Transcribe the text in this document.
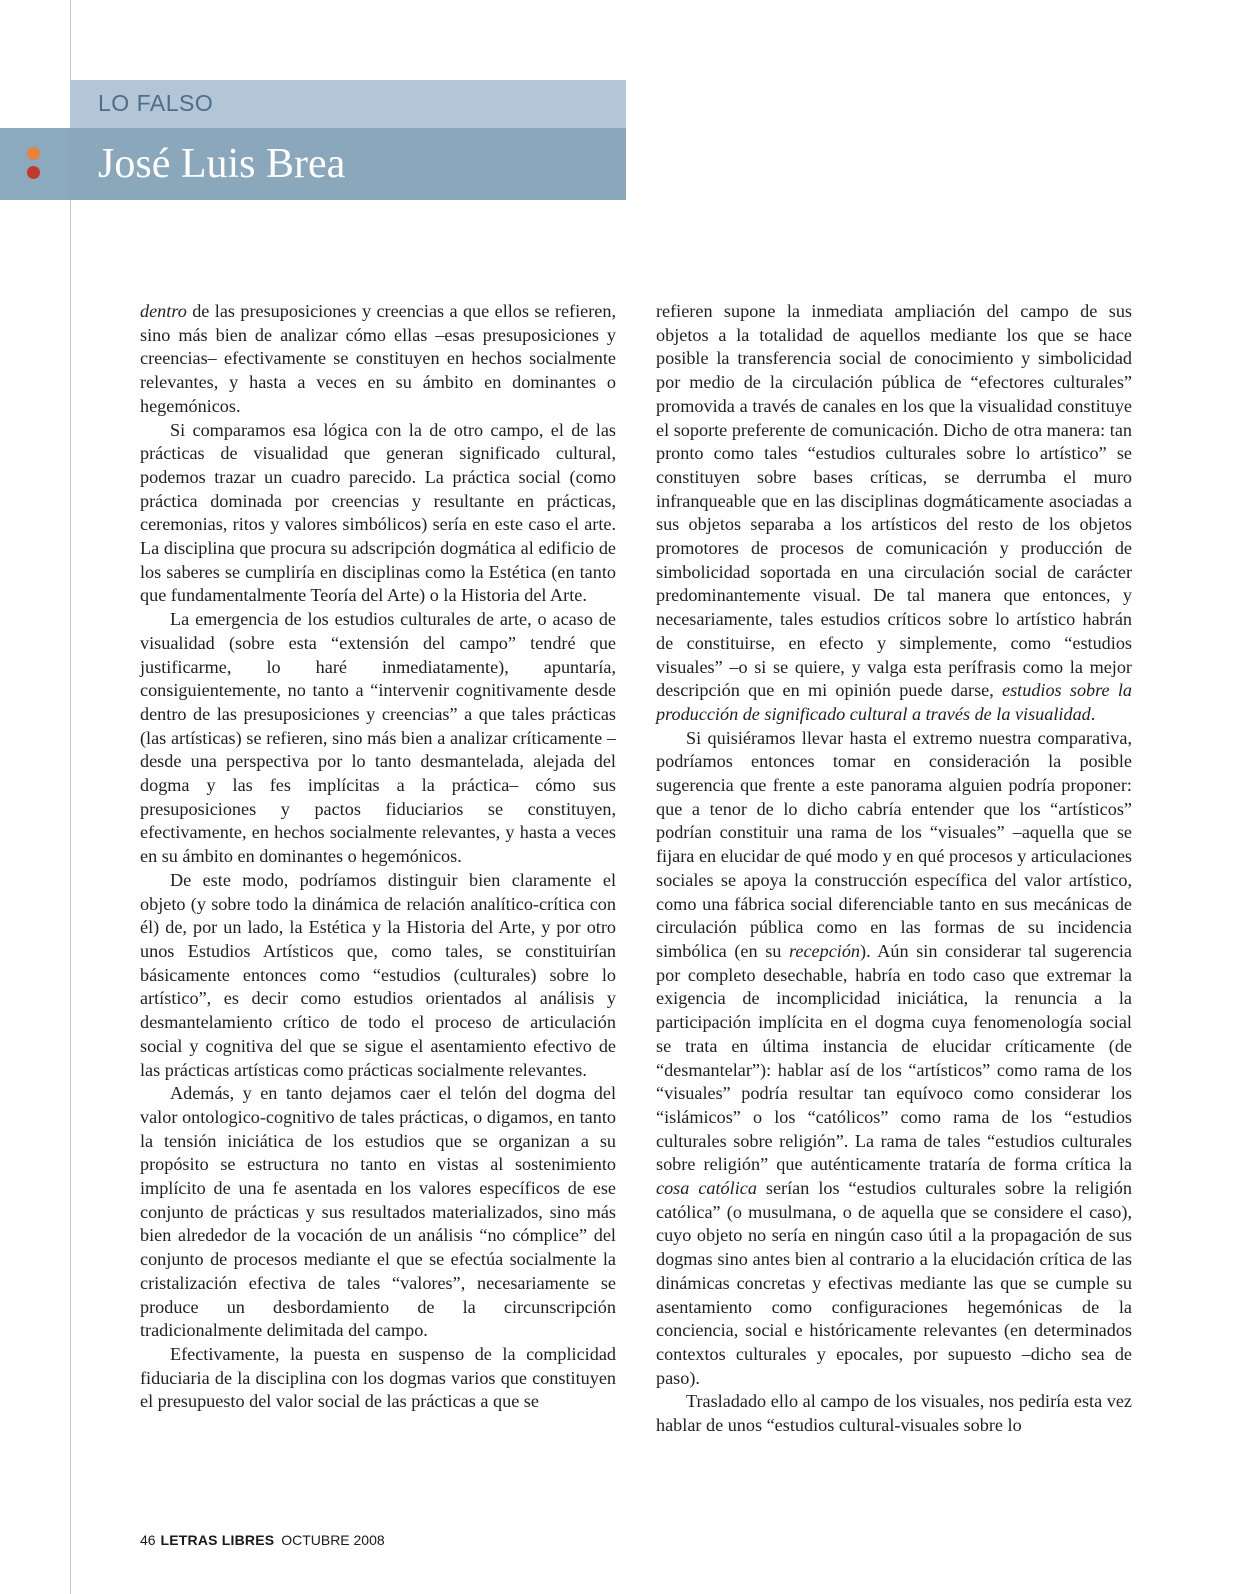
LO FALSO
José Luis Brea

dentro de las presuposiciones y creencias a que ellos se refieren, sino más bien de analizar cómo ellas –esas presuposiciones y creencias– efectivamente se constituyen en hechos socialmente relevantes, y hasta a veces en su ámbito en dominantes o hegemónicos.

Si comparamos esa lógica con la de otro campo, el de las prácticas de visualidad que generan significado cultural, podemos trazar un cuadro parecido. La práctica social (como práctica dominada por creencias y resultante en prácticas, ceremonias, ritos y valores simbólicos) sería en este caso el arte. La disciplina que procura su adscripción dogmática al edificio de los saberes se cumpliría en disciplinas como la Estética (en tanto que fundamentalmente Teoría del Arte) o la Historia del Arte.

La emergencia de los estudios culturales de arte, o acaso de visualidad (sobre esta “extensión del campo” tendré que justificarme, lo haré inmediatamente), apuntaría, consiguientemente, no tanto a “intervenir cognitivamente desde dentro de las presuposiciones y creencias” a que tales prácticas (las artísticas) se refieren, sino más bien a analizar críticamente –desde una perspectiva por lo tanto desmantelada, alejada del dogma y las fes implícitas a la práctica– cómo sus presuposiciones y pactos fiduciarios se constituyen, efectivamente, en hechos socialmente relevantes, y hasta a veces en su ámbito en dominantes o hegemónicos.

De este modo, podríamos distinguir bien claramente el objeto (y sobre todo la dinámica de relación analítico-crítica con él) de, por un lado, la Estética y la Historia del Arte, y por otro unos Estudios Artísticos que, como tales, se constituirían básicamente entonces como “estudios (culturales) sobre lo artístico”, es decir como estudios orientados al análisis y desmantelamiento crítico de todo el proceso de articulación social y cognitiva del que se sigue el asentamiento efectivo de las prácticas artísticas como prácticas socialmente relevantes.

Además, y en tanto dejamos caer el telón del dogma del valor ontologico-cognitivo de tales prácticas, o digamos, en tanto la tensión iniciática de los estudios que se organizan a su propósito se estructura no tanto en vistas al sostenimiento implícito de una fe asentada en los valores específicos de ese conjunto de prácticas y sus resultados materializados, sino más bien alrededor de la vocación de un análisis “no cómplice” del conjunto de procesos mediante el que se efectúa socialmente la cristalización efectiva de tales “valores”, necesariamente se produce un desbordamiento de la circunscripción tradicionalmente delimitada del campo.

Efectivamente, la puesta en suspenso de la complicidad fiduciaria de la disciplina con los dogmas varios que constituyen el presupuesto del valor social de las prácticas a que se

refieren supone la inmediata ampliación del campo de sus objetos a la totalidad de aquellos mediante los que se hace posible la transferencia social de conocimiento y simbolicidad por medio de la circulación pública de “efectores culturales” promovida a través de canales en los que la visualidad constituye el soporte preferente de comunicación. Dicho de otra manera: tan pronto como tales “estudios culturales sobre lo artístico” se constituyen sobre bases críticas, se derrumba el muro infranqueable que en las disciplinas dogmáticamente asociadas a sus objetos separaba a los artísticos del resto de los objetos promotores de procesos de comunicación y producción de simbolicidad soportada en una circulación social de carácter predominantemente visual. De tal manera que entonces, y necesariamente, tales estudios críticos sobre lo artístico habrán de constituirse, en efecto y simplemente, como “estudios visuales” –o si se quiere, y valga esta perífrasis como la mejor descripción que en mi opinión puede darse, estudios sobre la producción de significado cultural a través de la visualidad.

Si quisiéramos llevar hasta el extremo nuestra comparativa, podríamos entonces tomar en consideración la posible sugerencia que frente a este panorama alguien podría proponer: que a tenor de lo dicho cabría entender que los “artísticos” podrían constituir una rama de los “visuales” –aquella que se fijara en elucidar de qué modo y en qué procesos y articulaciones sociales se apoya la construcción específica del valor artístico, como una fábrica social diferenciable tanto en sus mecánicas de circulación pública como en las formas de su incidencia simbólica (en su recepción). Aún sin considerar tal sugerencia por completo desechable, habría en todo caso que extremar la exigencia de incomplicidad iniciática, la renuncia a la participación implícita en el dogma cuya fenomenología social se trata en última instancia de elucidar críticamente (de “desmantelar”): hablar así de los “artísticos” como rama de los “visuales” podría resultar tan equívoco como considerar los “islámicos” o los “católicos” como rama de los “estudios culturales sobre religión”. La rama de tales “estudios culturales sobre religión” que auténticamente trataría de forma crítica la cosa católica serían los “estudios culturales sobre la religión católica” (o musulmana, o de aquella que se considere el caso), cuyo objeto no sería en ningún caso útil a la propagación de sus dogmas sino antes bien al contrario a la elucidación crítica de las dinámicas concretas y efectivas mediante las que se cumple su asentamiento como configuraciones hegemónicas de la conciencia, social e históricamente relevantes (en determinados contextos culturales y epocales, por supuesto –dicho sea de paso).

Trasladado ello al campo de los visuales, nos pediría esta vez hablar de unos “estudios cultural-visuales sobre lo

46 LETRAS LIBRES OCTUBRE 2008
